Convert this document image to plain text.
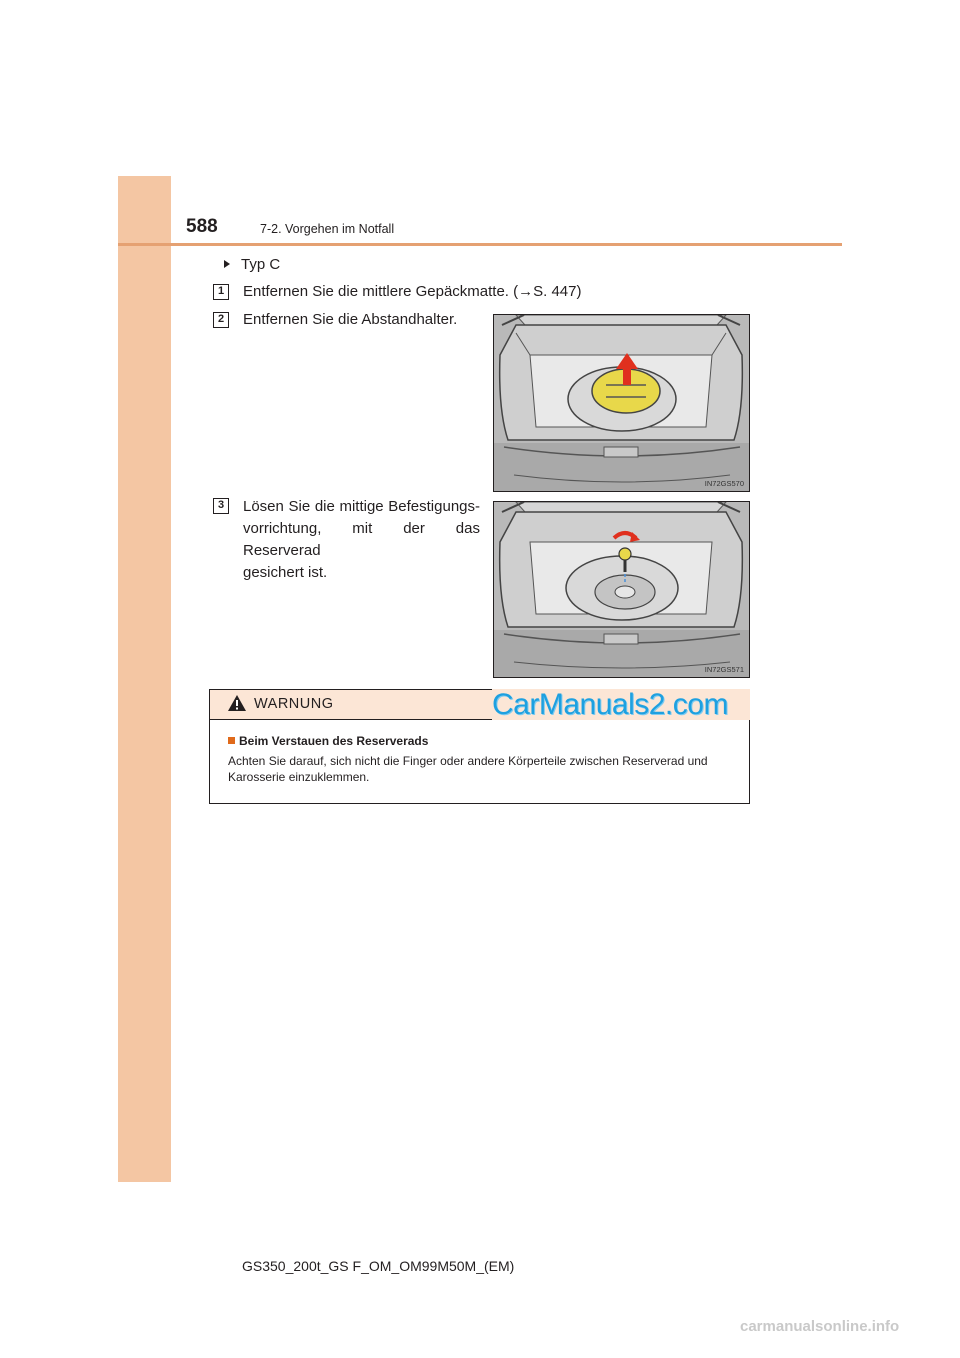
588	7-2. Vorgehen im Notfall
Typ C
1	Entfernen Sie die mittlere Gepäckmatte. (→S. 447)
2	Entfernen Sie die Abstandhalter.
3	Lösen Sie die mittige Befestigungs-
vorrichtung, mit der das Reserverad
gesichert ist.
IN72GS570
IN72GS571
WARNUNG
Beim Verstauen des Reserverads
Achten Sie darauf, sich nicht die Finger oder andere Körperteile zwischen Reserverad und Karosserie einzuklemmen.
CarManuals2.com
GS350_200t_GS F_OM_OM99M50M_(EM)
carmanualsonline.info
